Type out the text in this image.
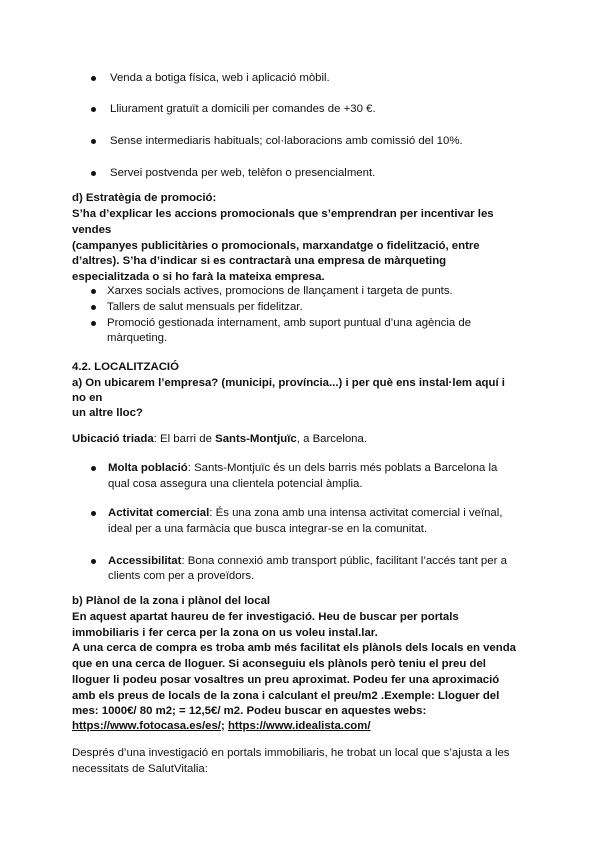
Venda a botiga física, web i aplicació mòbil.
Lliurament gratuït a domicili per comandes de +30 €.
Sense intermediaris habituals; col·laboracions amb comissió del 10%.
Servei postvenda per web, telèfon o presencialment.
d) Estratègia de promoció:
S’ha d’explicar les accions promocionals que s’emprendran per incentivar les
vendes
(campanyes publicitàries o promocionals, marxandatge o fidelització, entre
d’altres). S’ha d’indicar si es contractarà una empresa de màrqueting
especialitzada o si ho farà la mateixa empresa.
Xarxes socials actives, promocions de llançament i targeta de punts.
Tallers de salut mensuals per fidelitzar.
Promoció gestionada internament, amb suport puntual d’una agència de
màrqueting.
4.2. LOCALITZACIÓ
a) On ubicarem l’empresa? (municipi, província...) i per què ens instal·lem aquí i
no en
un altre lloc?
Ubicació triada: El barri de Sants-Montjuïc, a Barcelona.
Molta població: Sants-Montjuïc és un dels barris més poblats a Barcelona la
qual cosa assegura una clientela potencial àmplia.
Activitat comercial: És una zona amb una intensa activitat comercial i veïnal,
ideal per a una farmàcia que busca integrar-se en la comunitat.
Accessibilitat: Bona connexió amb transport públic, facilitant l’accés tant per a
clients com per a proveïdors.
b) Plànol de la zona i plànol del local
En aquest apartat haureu de fer investigació. Heu de buscar per portals
immobiliaris i fer cerca per la zona on us voleu instal.lar.
A una cerca de compra es troba amb més facilitat els plànols dels locals en venda
que en una cerca de lloguer. Si aconseguiu els plànols però teniu el preu del
lloguer li podeu posar vosaltres un preu aproximat. Podeu fer una aproximació
amb els preus de locals de la zona i calculant el preu/m2 .Exemple: Lloguer del
mes: 1000€/ 80 m2; = 12,5€/ m2. Podeu buscar en aquestes webs:
https://www.fotocasa.es/es/; https://www.idealista.com/
Després d’una investigació en portals immobiliaris, he trobat un local que s’ajusta a les
necessitats de SalutVitalia:
